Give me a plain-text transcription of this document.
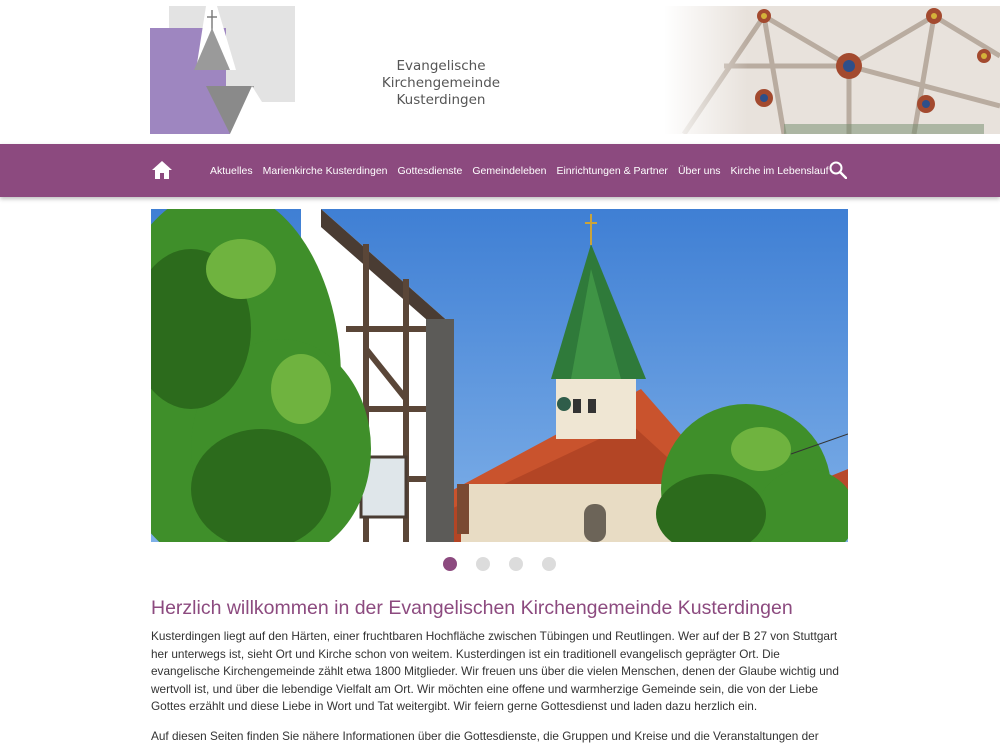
Evangelische Kirchengemeinde
Kusterdingen
Aktuelles Marienkirche Kusterdingen Gottesdienste Gemeindeleben Einrichtungen & Partner Über uns Kirche im Lebenslauf
Herzlich willkommen in der Evangelischen Kirchengemeinde Kusterdingen

Kusterdingen liegt auf den Härten, einer fruchtbaren Hochfläche zwischen Tübingen und Reutlingen. Wer auf der B 27 von Stuttgart her unterwegs ist, sieht Ort und Kirche schon von weitem. Kusterdingen ist ein traditionell evangelisch geprägter Ort. Die evangelische Kirchengemeinde zählt etwa 1800 Mitglieder. Wir freuen uns über die vielen Menschen, denen der Glaube wichtig und wertvoll ist, und über die lebendige Vielfalt am Ort. Wir möchten eine offene und warmherzige Gemeinde sein, die von der Liebe Gottes erzählt und diese Liebe in Wort und Tat weitergibt. Wir feiern gerne Gottesdienst und laden dazu herzlich ein.

Auf diesen Seiten finden Sie nähere Informationen über die Gottesdienste, die Gruppen und Kreise und die Veranstaltungen der
